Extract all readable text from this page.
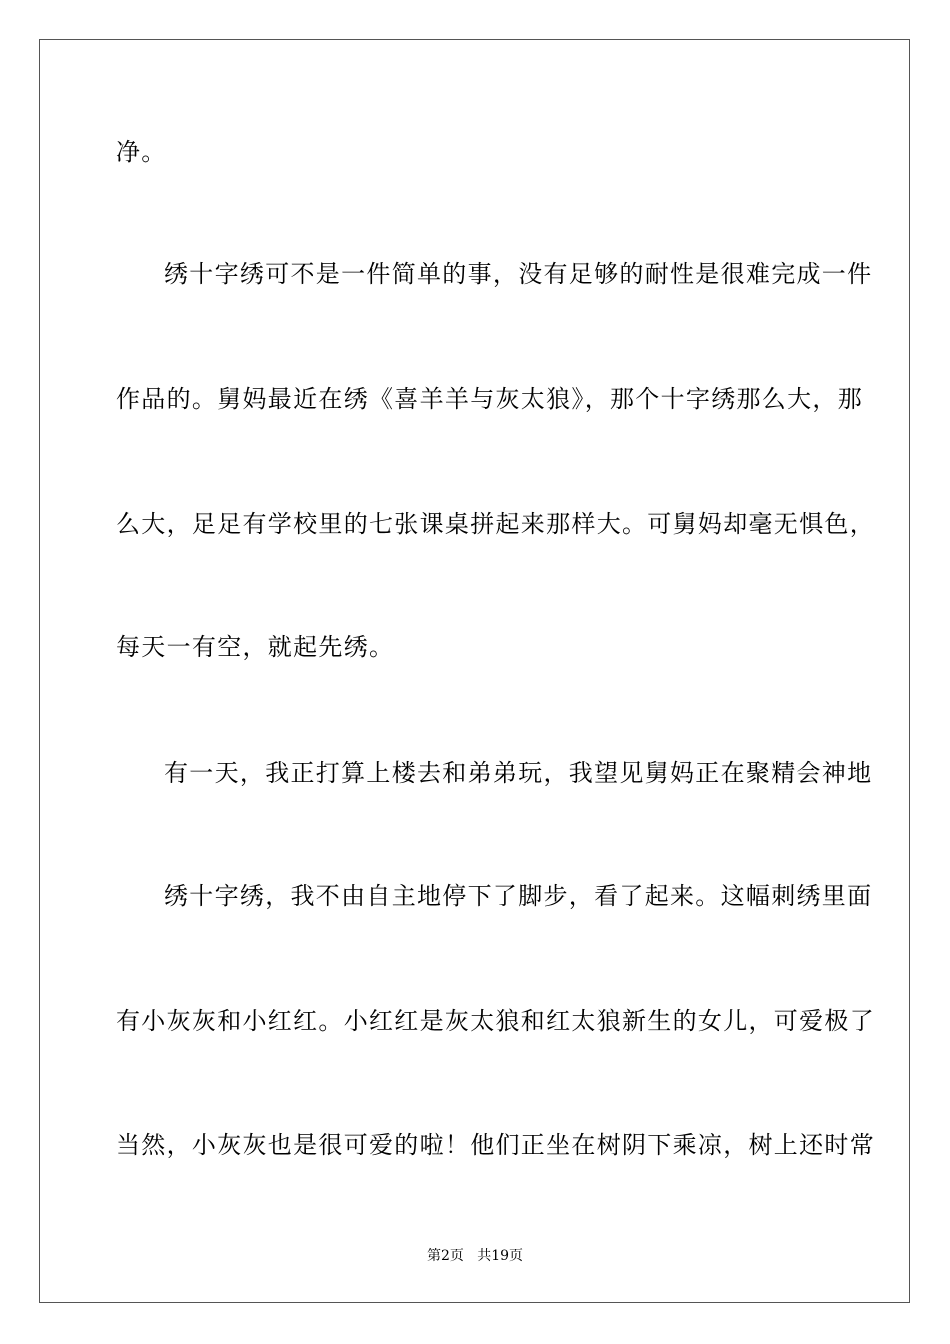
净。
绣十字绣可不是一件简单的事，没有足够的耐性是很难完成一件
作品的。舅妈最近在绣《喜羊羊与灰太狼》，那个十字绣那么大，那
么大，足足有学校里的七张课桌拼起来那样大。可舅妈却毫无惧色，
每天一有空，就起先绣。
有一天，我正打算上楼去和弟弟玩，我望见舅妈正在聚精会神地
绣十字绣，我不由自主地停下了脚步，看了起来。这幅刺绣里面
有小灰灰和小红红。小红红是灰太狼和红太狼新生的女儿，可爱极了
当然，小灰灰也是很可爱的啦！他们正坐在树阴下乘凉，树上还时常
第2页   共19页
